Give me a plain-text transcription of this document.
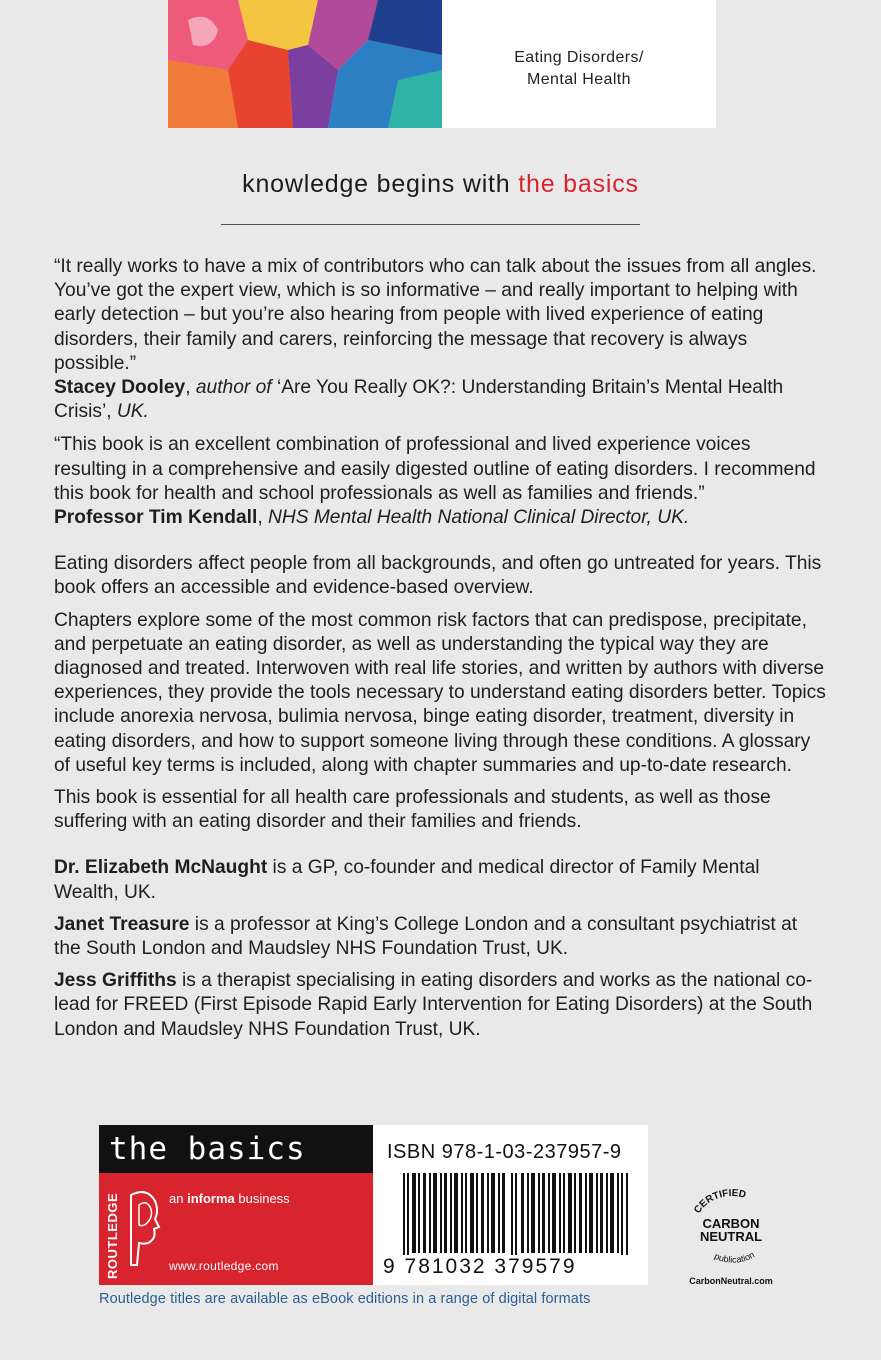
Eating Disorders/
Mental Health
knowledge begins with the basics

“It really works to have a mix of contributors who can talk about the issues from all angles. You’ve got the expert view, which is so informative – and really important to helping with early detection – but you’re also hearing from people with lived experience of eating disorders, their family and carers, reinforcing the message that recovery is always possible.”

Stacey Dooley, author of ‘Are You Really OK?: Understanding Britain’s Mental Health Crisis’, UK.

“This book is an excellent combination of professional and lived experience voices resulting in a comprehensive and easily digested outline of eating disorders. I recommend this book for health and school professionals as well as families and friends.”

Professor Tim Kendall, NHS Mental Health National Clinical Director, UK.

Eating disorders affect people from all backgrounds, and often go untreated for years. This book offers an accessible and evidence-based overview.

Chapters explore some of the most common risk factors that can predispose, precipitate, and perpetuate an eating disorder, as well as understanding the typical way they are diagnosed and treated. Interwoven with real life stories, and written by authors with diverse experiences, they provide the tools necessary to understand eating disorders better. Topics include anorexia nervosa, bulimia nervosa, binge eating disorder, treatment, diversity in eating disorders, and how to support someone living through these conditions. A glossary of useful key terms is included, along with chapter summaries and up-to-date research.

This book is essential for all health care professionals and students, as well as those suffering with an eating disorder and their families and friends.

Dr. Elizabeth McNaught is a GP, co-founder and medical director of Family Mental Wealth, UK.

Janet Treasure is a professor at King’s College London and a consultant psychiatrist at the South London and Maudsley NHS Foundation Trust, UK.

Jess Griffiths is a therapist specialising in eating disorders and works as the national co-lead for FREED (First Episode Rapid Early Intervention for Eating Disorders) at the South London and Maudsley NHS Foundation Trust, UK.

the basics
ROUTLEDGE	an informa business
www.routledge.com
ISBN 978-1-03-237957-9
9 781032 379579
CERTIFIED
CARBON
NEUTRAL
publication
CarbonNeutral.com
Routledge titles are available as eBook editions in a range of digital formats
